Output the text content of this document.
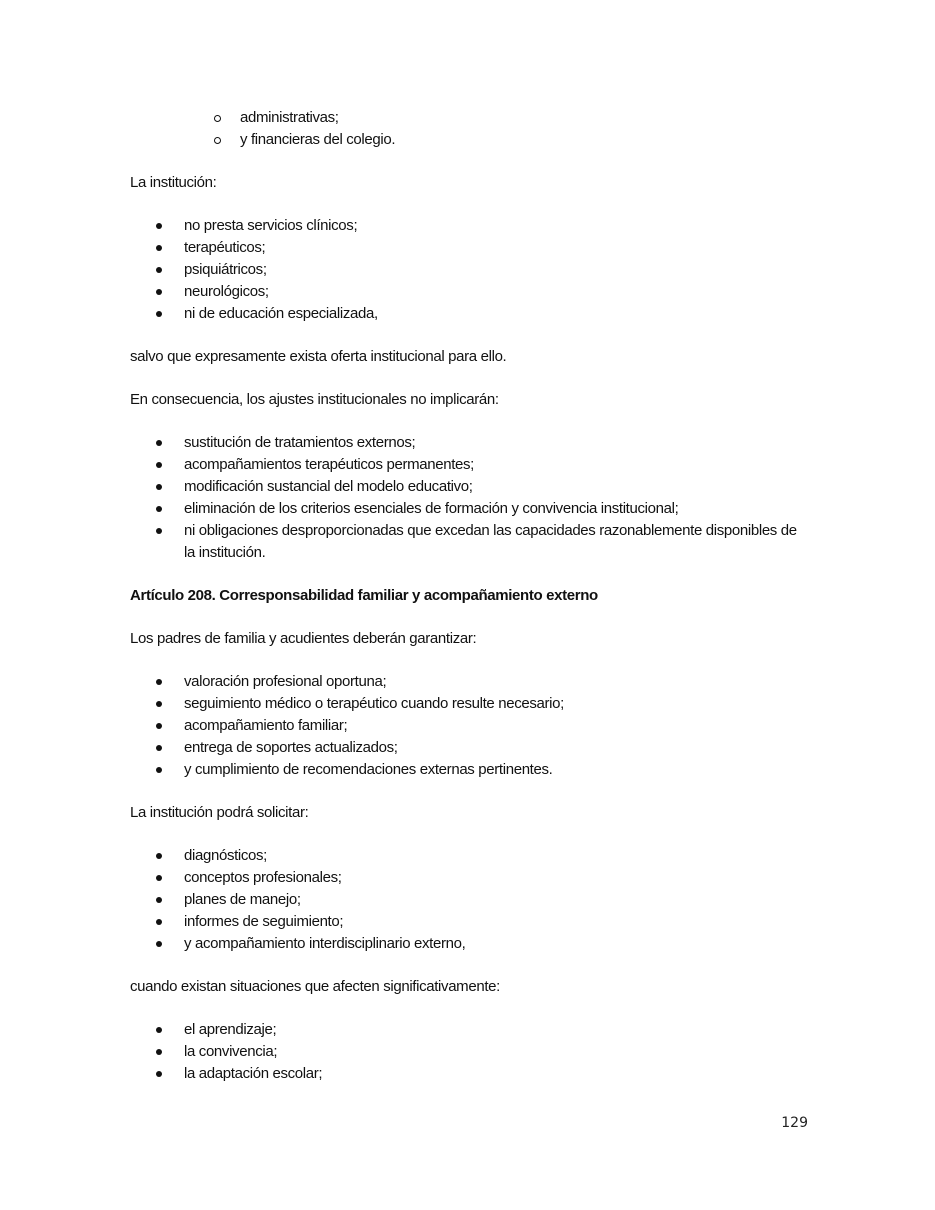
administrativas;
y financieras del colegio.

La institución:

no presta servicios clínicos;
terapéuticos;
psiquiátricos;
neurológicos;
ni de educación especializada,

salvo que expresamente exista oferta institucional para ello.

En consecuencia, los ajustes institucionales no implicarán:

sustitución de tratamientos externos;
acompañamientos terapéuticos permanentes;
modificación sustancial del modelo educativo;
eliminación de los criterios esenciales de formación y convivencia institucional;
ni obligaciones desproporcionadas que excedan las capacidades razonablemente disponibles de la institución.
Artículo 208. Corresponsabilidad familiar y acompañamiento externo

Los padres de familia y acudientes deberán garantizar:

valoración profesional oportuna;
seguimiento médico o terapéutico cuando resulte necesario;
acompañamiento familiar;
entrega de soportes actualizados;
y cumplimiento de recomendaciones externas pertinentes.

La institución podrá solicitar:

diagnósticos;
conceptos profesionales;
planes de manejo;
informes de seguimiento;
y acompañamiento interdisciplinario externo,

cuando existan situaciones que afecten significativamente:

el aprendizaje;
la convivencia;
la adaptación escolar;
129
